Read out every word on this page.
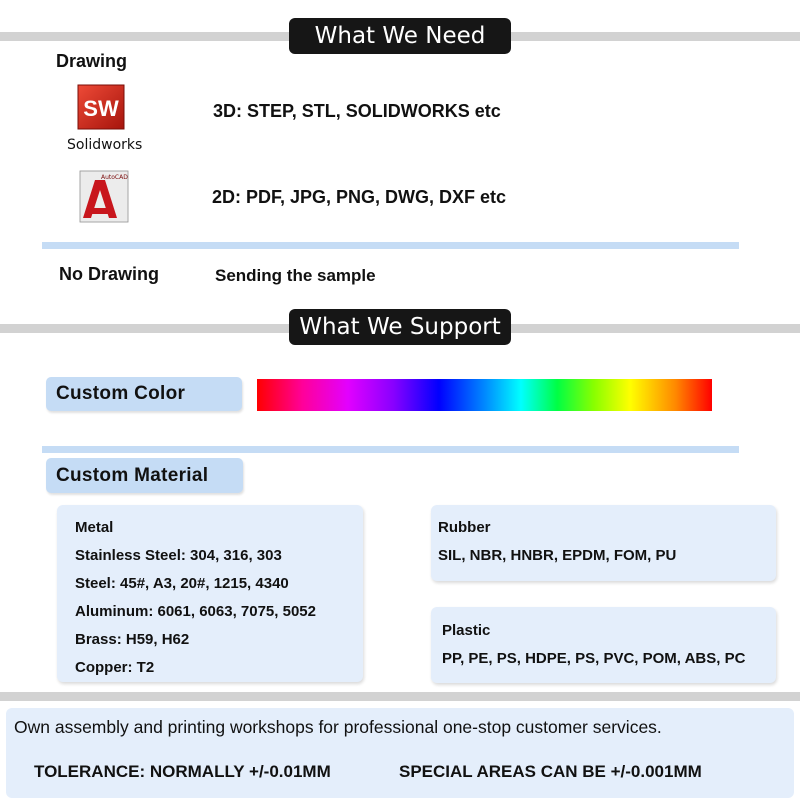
What We Need
Drawing
SW
Solidworks
3D: STEP, STL, SOLIDWORKS etc
AutoCAD
2D: PDF, JPG, PNG, DWG, DXF etc
No Drawing	Sending the sample
What We Support
Custom Color
Custom Material
Metal
Stainless Steel: 304, 316, 303
Steel: 45#, A3, 20#, 1215, 4340
Aluminum: 6061, 6063, 7075, 5052
Brass: H59, H62
Copper: T2
Rubber
SIL, NBR, HNBR, EPDM, FOM, PU
Plastic
PP, PE, PS, HDPE, PS, PVC, POM, ABS, PC
Own assembly and printing workshops for professional one-stop customer services.
TOLERANCE: NORMALLY +/-0.01MM	SPECIAL AREAS CAN BE +/-0.001MM
